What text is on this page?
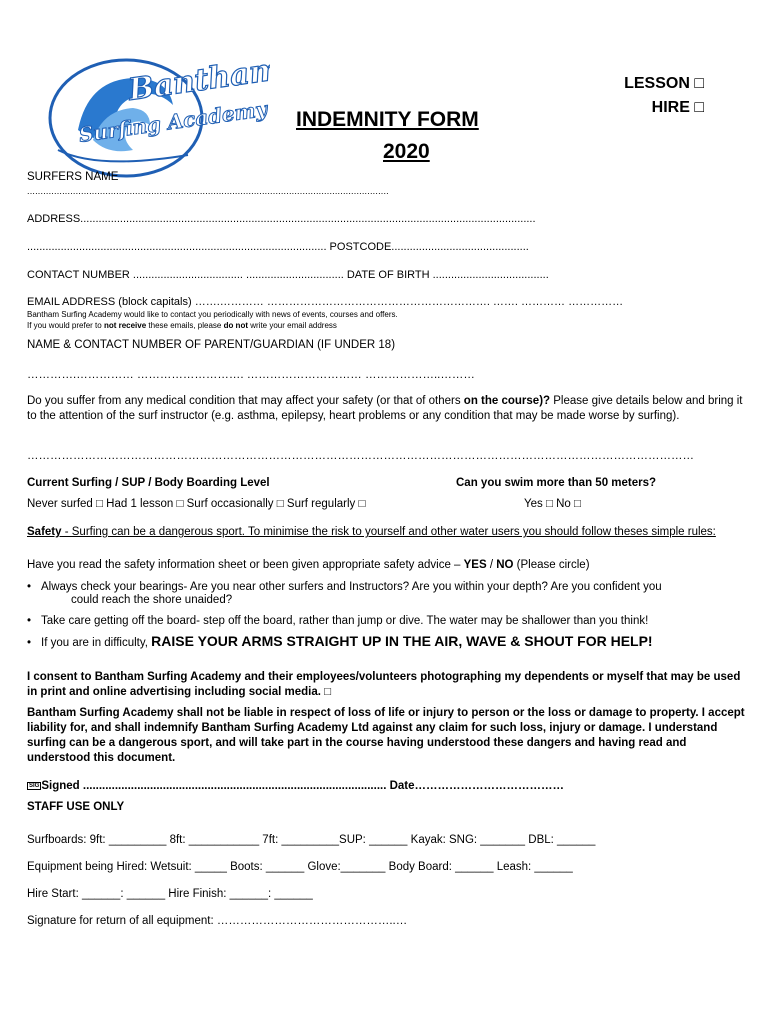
Bantham
Surfing Academy
LESSON □
HIRE □
INDEMNITY FORM
2020
SURFERS NAME
......................................................................................................................................
ADDRESS.....................................................................................................................................................
.................................................................................................. POSTCODE.............................................
CONTACT NUMBER .................................... ................................ DATE OF BIRTH ......................................
EMAIL ADDRESS (block capitals) …….………… ……………………………………………………. ……. ………… ……………
Bantham Surfing Academy would like to contact you periodically with news of events, courses and offers.
If you would prefer to not receive these emails, please do not write your email address
NAME & CONTACT NUMBER OF PARENT/GUARDIAN (IF UNDER 18)
………….…………… ………………………. ………………………… ………………..………
Do you suffer from any medical condition that may affect your safety (or that of others on the course)? Please give details below and bring it to the attention of the surf instructor (e.g. asthma, epilepsy, heart problems or any condition that may be made worse by surfing).
…………………………………………………………………………………………………………………………………………………………
Current Surfing / SUP / Body Boarding Level	Can you swim more than 50 meters?
Never surfed □ Had 1 lesson □ Surf occasionally □ Surf regularly □	Yes □ No □
Safety - Surfing can be a dangerous sport. To minimise the risk to yourself and other water users you should follow theses simple rules:
Have you read the safety information sheet or been given appropriate safety advice – YES / NO (Please circle)
• Always check your bearings- Are you near other surfers and Instructors? Are you within your depth? Are you confident you
could reach the shore unaided?
• Take care getting off the board- step off the board, rather than jump or dive. The water may be shallower than you think!
• If you are in difficulty, RAISE YOUR ARMS STRAIGHT UP IN THE AIR, WAVE & SHOUT FOR HELP!
I consent to Bantham Surfing Academy and their employees/volunteers photographing my dependents or myself that may be used in print and online advertising including social media. □
Bantham Surfing Academy shall not be liable in respect of loss of life or injury to person or the loss or damage to property. I accept liability for, and shall indemnify Bantham Surfing Academy Ltd against any claim for such loss, injury or damage. I understand surfing can be a dangerous sport, and will take part in the course having understood these dangers and having read and understood this document.
SIG Signed ............................................................................................... Date…………………………………
STAFF USE ONLY
Surfboards: 9ft: _________ 8ft: ___________ 7ft: _________SUP: ______ Kayak: SNG: _______ DBL: ______
Equipment being Hired: Wetsuit: _____ Boots: ______ Glove:_______ Body Board: ______ Leash: ______
Hire Start: ______: ______ Hire Finish: ______: ______
Signature for return of all equipment: ………………………………………..…
